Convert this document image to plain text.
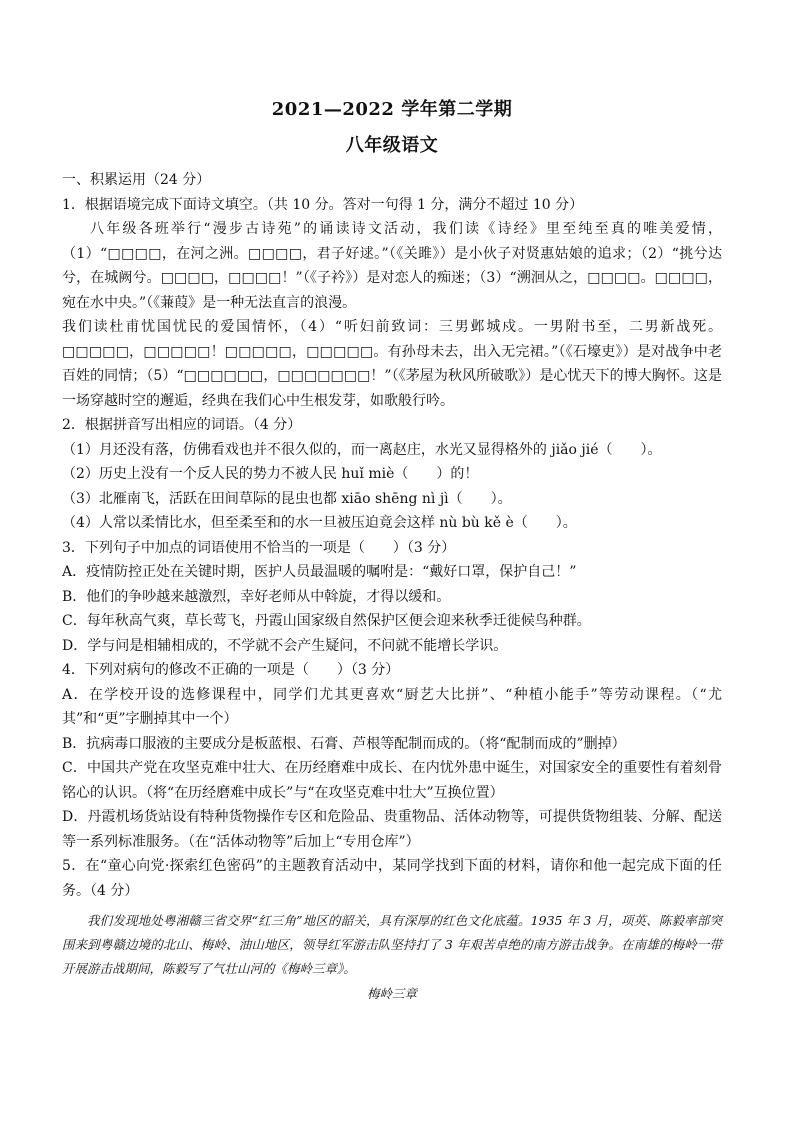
2021—2022 学年第二学期
八年级语文

一、积累运用（24 分）

1．根据语境完成下面诗文填空。（共 10 分。答对一句得 1 分，满分不超过 10 分）

八年级各班举行“漫步古诗苑”的诵读诗文活动，我们读《诗经》里至纯至真的唯美爱情，（1）“□□□□，在河之洲。□□□□，君子好逑。”（《关雎》）是小伙子对贤惠姑娘的追求；（2）“挑兮达兮，在城阙兮。□□□□，□□□□！”（《子衿》）是对恋人的痴迷；（3）“溯洄从之，□□□□。□□□□，宛在水中央。”（《蒹葭》是一种无法直言的浪漫。

我们读杜甫忧国忧民的爱国情怀，（4）“听妇前致词：三男邺城戍。一男附书至，二男新战死。□□□□□，□□□□□！□□□□□，□□□□□。有孙母未去，出入无完裙。”（《石壕吏》）是对战争中老百姓的同情；（5）“□□□□□□，□□□□□□□！”（《茅屋为秋风所破歌》）是心忧天下的博大胸怀。这是一场穿越时空的邂逅，经典在我们心中生根发芽，如歌般行吟。

2．根据拼音写出相应的词语。（4 分）

（1）月还没有落，仿佛看戏也并不很久似的，而一离赵庄，水光又显得格外的 jiǎo jié（　　）。

（2）历史上没有一个反人民的势力不被人民 huǐ miè（　　）的！

（3）北雁南飞，活跃在田间草际的昆虫也都 xiāo shēng nì jì（　　）。

（4）人常以柔情比水，但至柔至和的水一旦被压迫竟会这样 nù bù kě è（　　）。

3．下列句子中加点的词语使用不恰当的一项是（　　）（3 分）

A．疫情防控正处在关键时期，医护人员最温暖的嘱咐是：“戴好口罩，保护自己！”

B．他们的争吵越来越激烈，幸好老师从中斡旋，才得以缓和。

C．每年秋高气爽，草长莺飞，丹霞山国家级自然保护区便会迎来秋季迁徙候鸟种群。

D．学与问是相辅相成的，不学就不会产生疑问，不问就不能增长学识。

4．下列对病句的修改不正确的一项是（　　）（3 分）

A．在学校开设的选修课程中，同学们尤其更喜欢“厨艺大比拼”、“种植小能手”等劳动课程。（“尤其”和“更”字删掉其中一个）

B．抗病毒口服液的主要成分是板蓝根、石膏、芦根等配制而成的。（将“配制而成的”删掉）

C．中国共产党在攻坚克难中壮大、在历经磨难中成长、在内忧外患中诞生，对国家安全的重要性有着刻骨铭心的认识。（将“在历经磨难中成长”与“在攻坚克难中壮大”互换位置）

D．丹霞机场货站设有特种货物操作专区和危险品、贵重物品、活体动物等，可提供货物组装、分解、配送等一系列标准服务。（在“活体动物等”后加上“专用仓库”）

5．在“童心向党·探索红色密码”的主题教育活动中，某同学找到下面的材料，请你和他一起完成下面的任务。（4 分）

我们发现地处粤湘赣三省交界“红三角”地区的韶关，具有深厚的红色文化底蕴。1935 年 3 月，项英、陈毅率部突围来到粤赣边境的北山、梅岭、油山地区，领导红军游击队坚持打了 3 年艰苦卓绝的南方游击战争。在南雄的梅岭一带开展游击战期间，陈毅写了气壮山河的《梅岭三章》。

梅岭三章
